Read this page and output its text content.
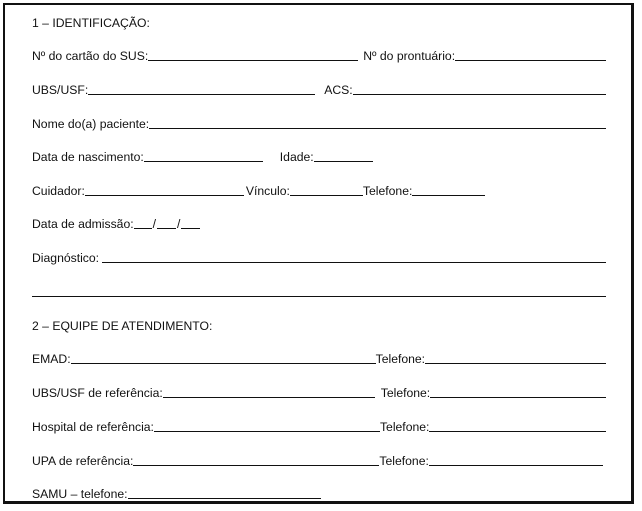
1 – IDENTIFICAÇÃO:
Nº do cartão do SUS:	Nº do prontuário:
UBS/USF:	ACS:
Nome do(a) paciente:
Data de nascimento:	Idade:
Cuidador:	Vínculo:	Telefone:
Data de admissão: / /
Diagnóstico:
2 – EQUIPE DE ATENDIMENTO:
EMAD:	Telefone:
UBS/USF de referência:	Telefone:
Hospital de referência:	Telefone:
UPA de referência:	Telefone:
SAMU – telefone:
